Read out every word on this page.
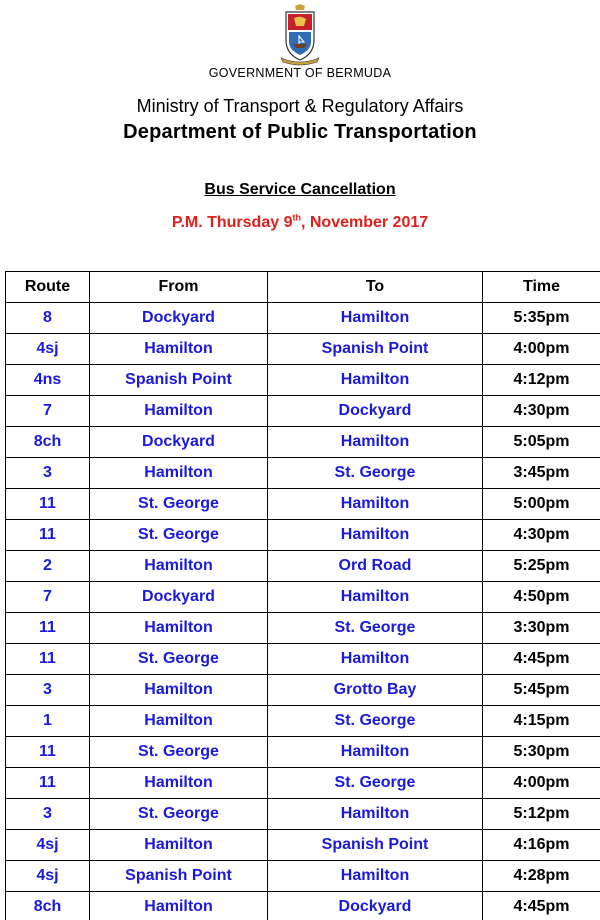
GOVERNMENT OF BERMUDA
Ministry of Transport & Regulatory Affairs
Department of Public Transportation
Bus Service Cancellation
P.M. Thursday 9th, November 2017
Route	From	To	Time
8	Dockyard	Hamilton	5:35pm
4sj	Hamilton	Spanish Point	4:00pm
4ns	Spanish Point	Hamilton	4:12pm
7	Hamilton	Dockyard	4:30pm
8ch	Dockyard	Hamilton	5:05pm
3	Hamilton	St. George	3:45pm
11	St. George	Hamilton	5:00pm
11	St. George	Hamilton	4:30pm
2	Hamilton	Ord Road	5:25pm
7	Dockyard	Hamilton	4:50pm
11	Hamilton	St. George	3:30pm
11	St. George	Hamilton	4:45pm
3	Hamilton	Grotto Bay	5:45pm
1	Hamilton	St. George	4:15pm
11	St. George	Hamilton	5:30pm
11	Hamilton	St. George	4:00pm
3	St. George	Hamilton	5:12pm
4sj	Hamilton	Spanish Point	4:16pm
4sj	Spanish Point	Hamilton	4:28pm
8ch	Hamilton	Dockyard	4:45pm
